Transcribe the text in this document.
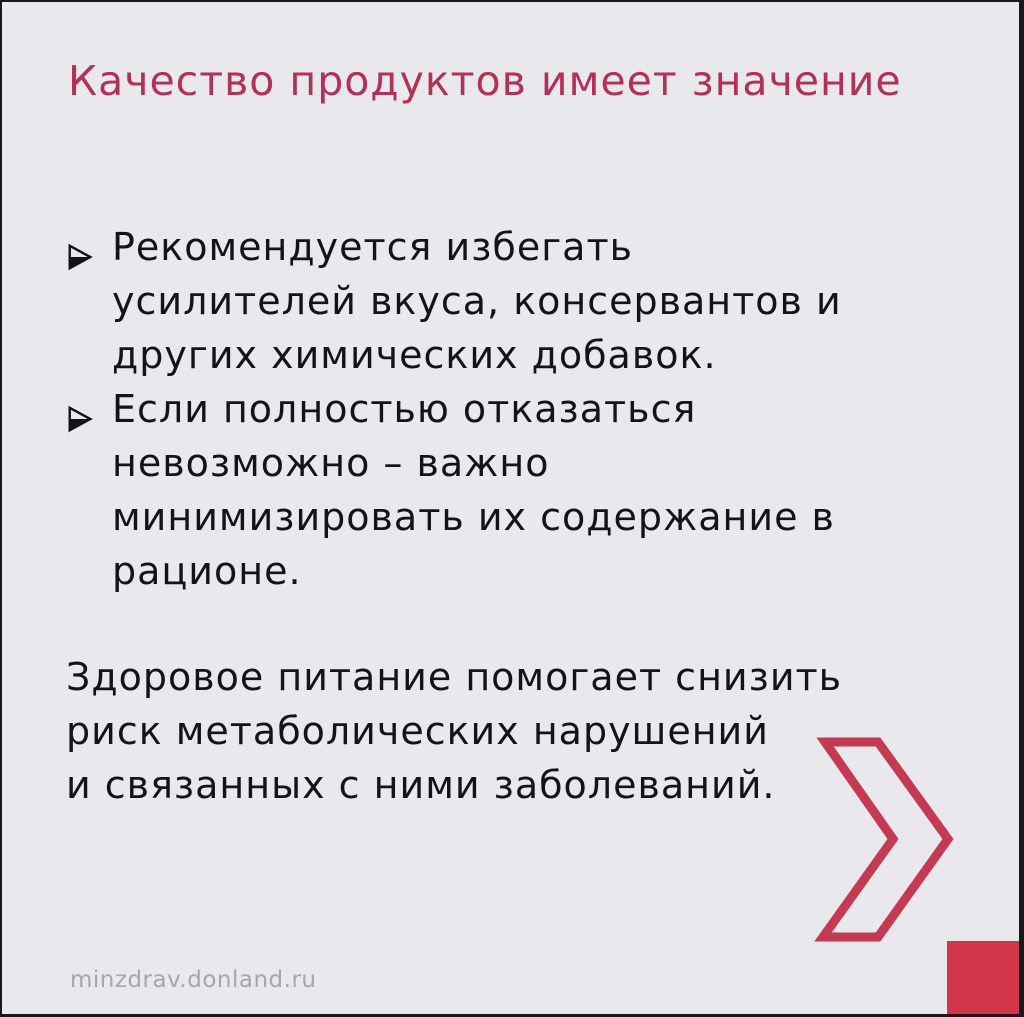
Качество продуктов имеет значение
Рекомендуется избегать
усилителей вкуса, консервантов и
других химических добавок.
Если полностью отказаться
невозможно – важно
минимизировать их содержание в
рационе.
Здоровое питание помогает снизить
риск метаболических нарушений
и связанных с ними заболеваний.
minzdrav.donland.ru
